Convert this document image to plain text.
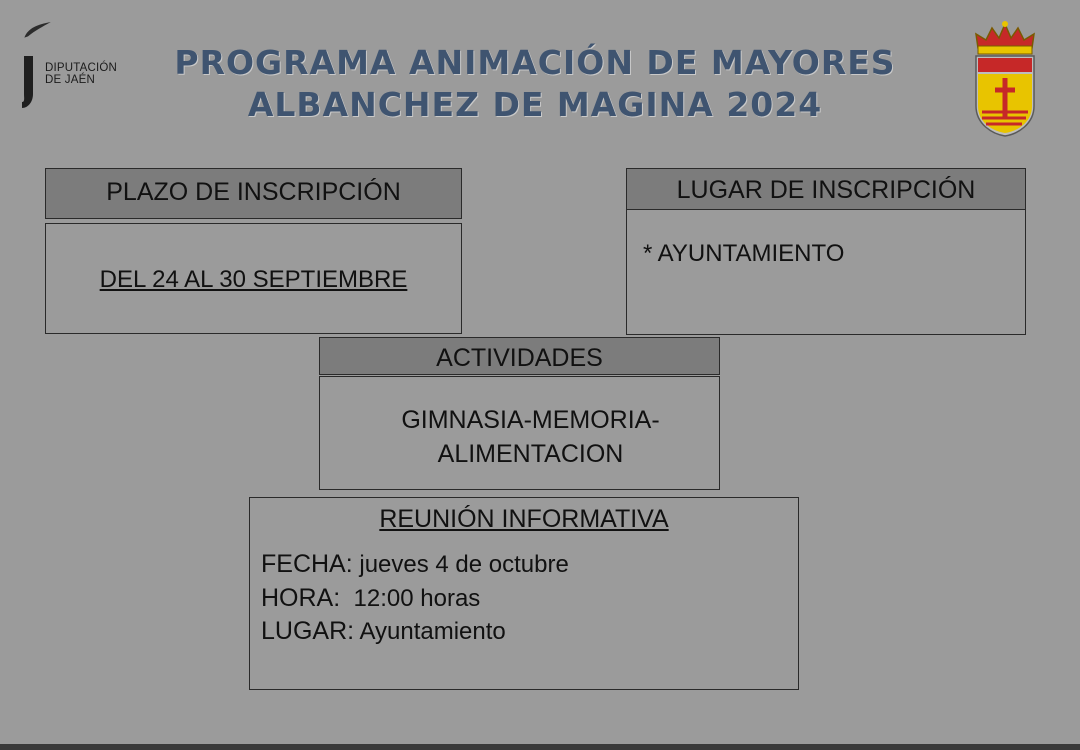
DIPUTACIÓN
DE JAÉN	PROGRAMA ANIMACIÓN DE MAYORES
ALBANCHEZ DE MAGINA 2024
PLAZO DE INSCRIPCIÓN
DEL 24 AL 30 SEPTIEMBRE
LUGAR DE INSCRIPCIÓN
* AYUNTAMIENTO
ACTIVIDADES
GIMNASIA-MEMORIA-
ALIMENTACION
REUNIÓN INFORMATIVA
FECHA: jueves 4 de octubre
HORA:  12:00 horas
LUGAR: Ayuntamiento
